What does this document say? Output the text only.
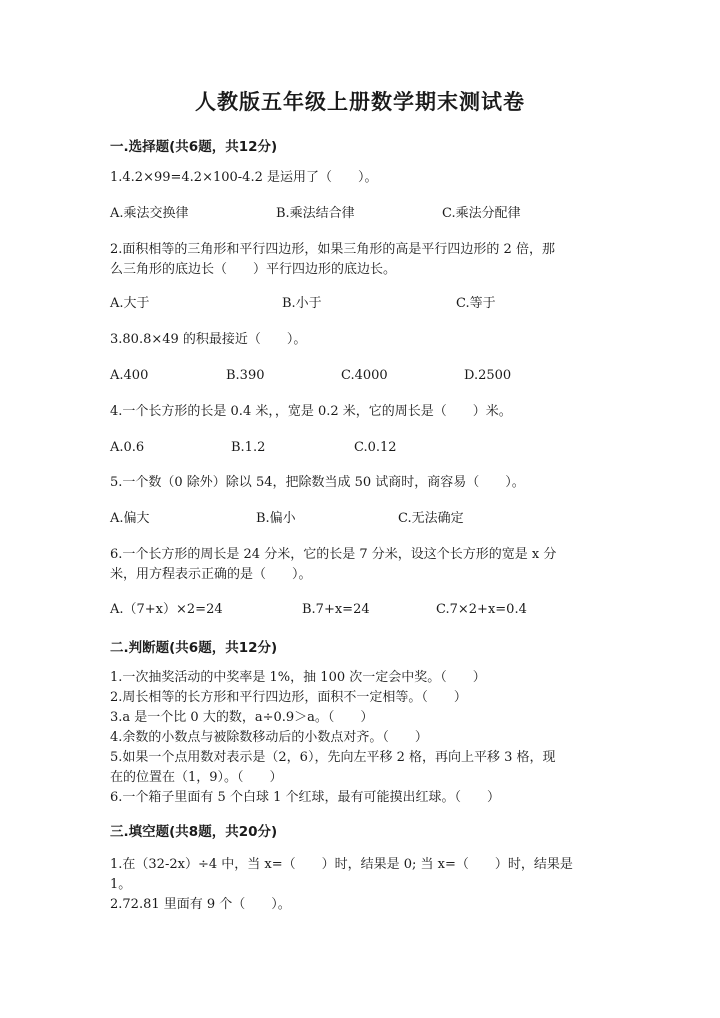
人教版五年级上册数学期末测试卷
一.选择题(共6题，共12分)
1.4.2×99=4.2×100-4.2 是运用了（　　）。
A.乘法交换律	B.乘法结合律	C.乘法分配律
2.面积相等的三角形和平行四边形，如果三角形的高是平行四边形的 2 倍，那
么三角形的底边长（　　）平行四边形的底边长。
A.大于	B.小于	C.等于
3.80.8×49 的积最接近（　　）。
A.400	B.390	C.4000	D.2500
4.一个长方形的长是 0.4 米，，宽是 0.2 米，它的周长是（　　）米。
A.0.6	B.1.2	C.0.12
5.一个数（0 除外）除以 54，把除数当成 50 试商时，商容易（　　）。
A.偏大	B.偏小	C.无法确定
6.一个长方形的周长是 24 分米，它的长是 7 分米，设这个长方形的宽是 x 分
米，用方程表示正确的是（　　）。
A.（7+x）×2=24	B.7+x=24	C.7×2+x=0.4
二.判断题(共6题，共12分)
1.一次抽奖活动的中奖率是 1%，抽 100 次一定会中奖。（　　）
2.周长相等的长方形和平行四边形，面积不一定相等。（　　）
3.a 是一个比 0 大的数，a÷0.9＞a。（　　）
4.余数的小数点与被除数移动后的小数点对齐。（　　）
5.如果一个点用数对表示是（2，6），先向左平移 2 格，再向上平移 3 格，现
在的位置在（1，9）。（　　）
6.一个箱子里面有 5 个白球 1 个红球，最有可能摸出红球。（　　）
三.填空题(共8题，共20分)
1.在（32-2x）÷4 中，当 x=（　　）时，结果是 0; 当 x=（　　）时，结果是
1。
2.72.81 里面有 9 个（　　）。
